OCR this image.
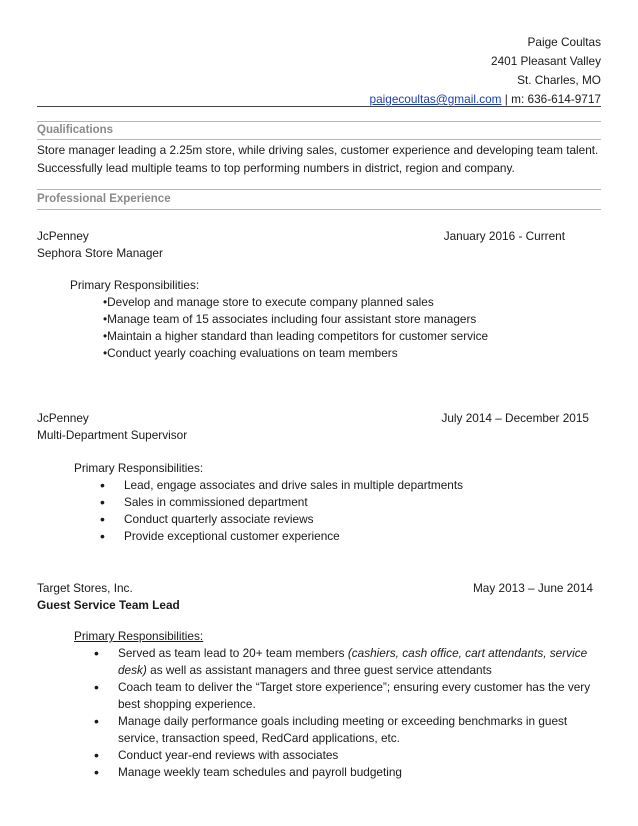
Paige Coultas
2401 Pleasant Valley
St. Charles, MO
paigecoultas@gmail.com | m: 636-614-9717
Qualifications
Store manager leading a 2.25m store, while driving sales, customer experience and developing team talent. Successfully lead multiple teams to top performing numbers in district, region and company.
Professional Experience
JcPenney	January 2016 - Current
Sephora Store Manager
Primary Responsibilities:
•Develop and manage store to execute company planned sales
•Manage team of 15 associates including four assistant store managers
•Maintain a higher standard than leading competitors for customer service
•Conduct yearly coaching evaluations on team members
JcPenney	July 2014 – December 2015
Multi-Department Supervisor
Primary Responsibilities:
• Lead, engage associates and drive sales in multiple departments
• Sales in commissioned department
• Conduct quarterly associate reviews
• Provide exceptional customer experience
Target Stores, Inc.	May 2013 – June 2014
Guest Service Team Lead
Primary Responsibilities:
• Served as team lead to 20+ team members (cashiers, cash office, cart attendants, service desk) as well as assistant managers and three guest service attendants
• Coach team to deliver the “Target store experience”; ensuring every customer has the very best shopping experience.
• Manage daily performance goals including meeting or exceeding benchmarks in guest service, transaction speed, RedCard applications, etc.
• Conduct year-end reviews with associates
• Manage weekly team schedules and payroll budgeting
